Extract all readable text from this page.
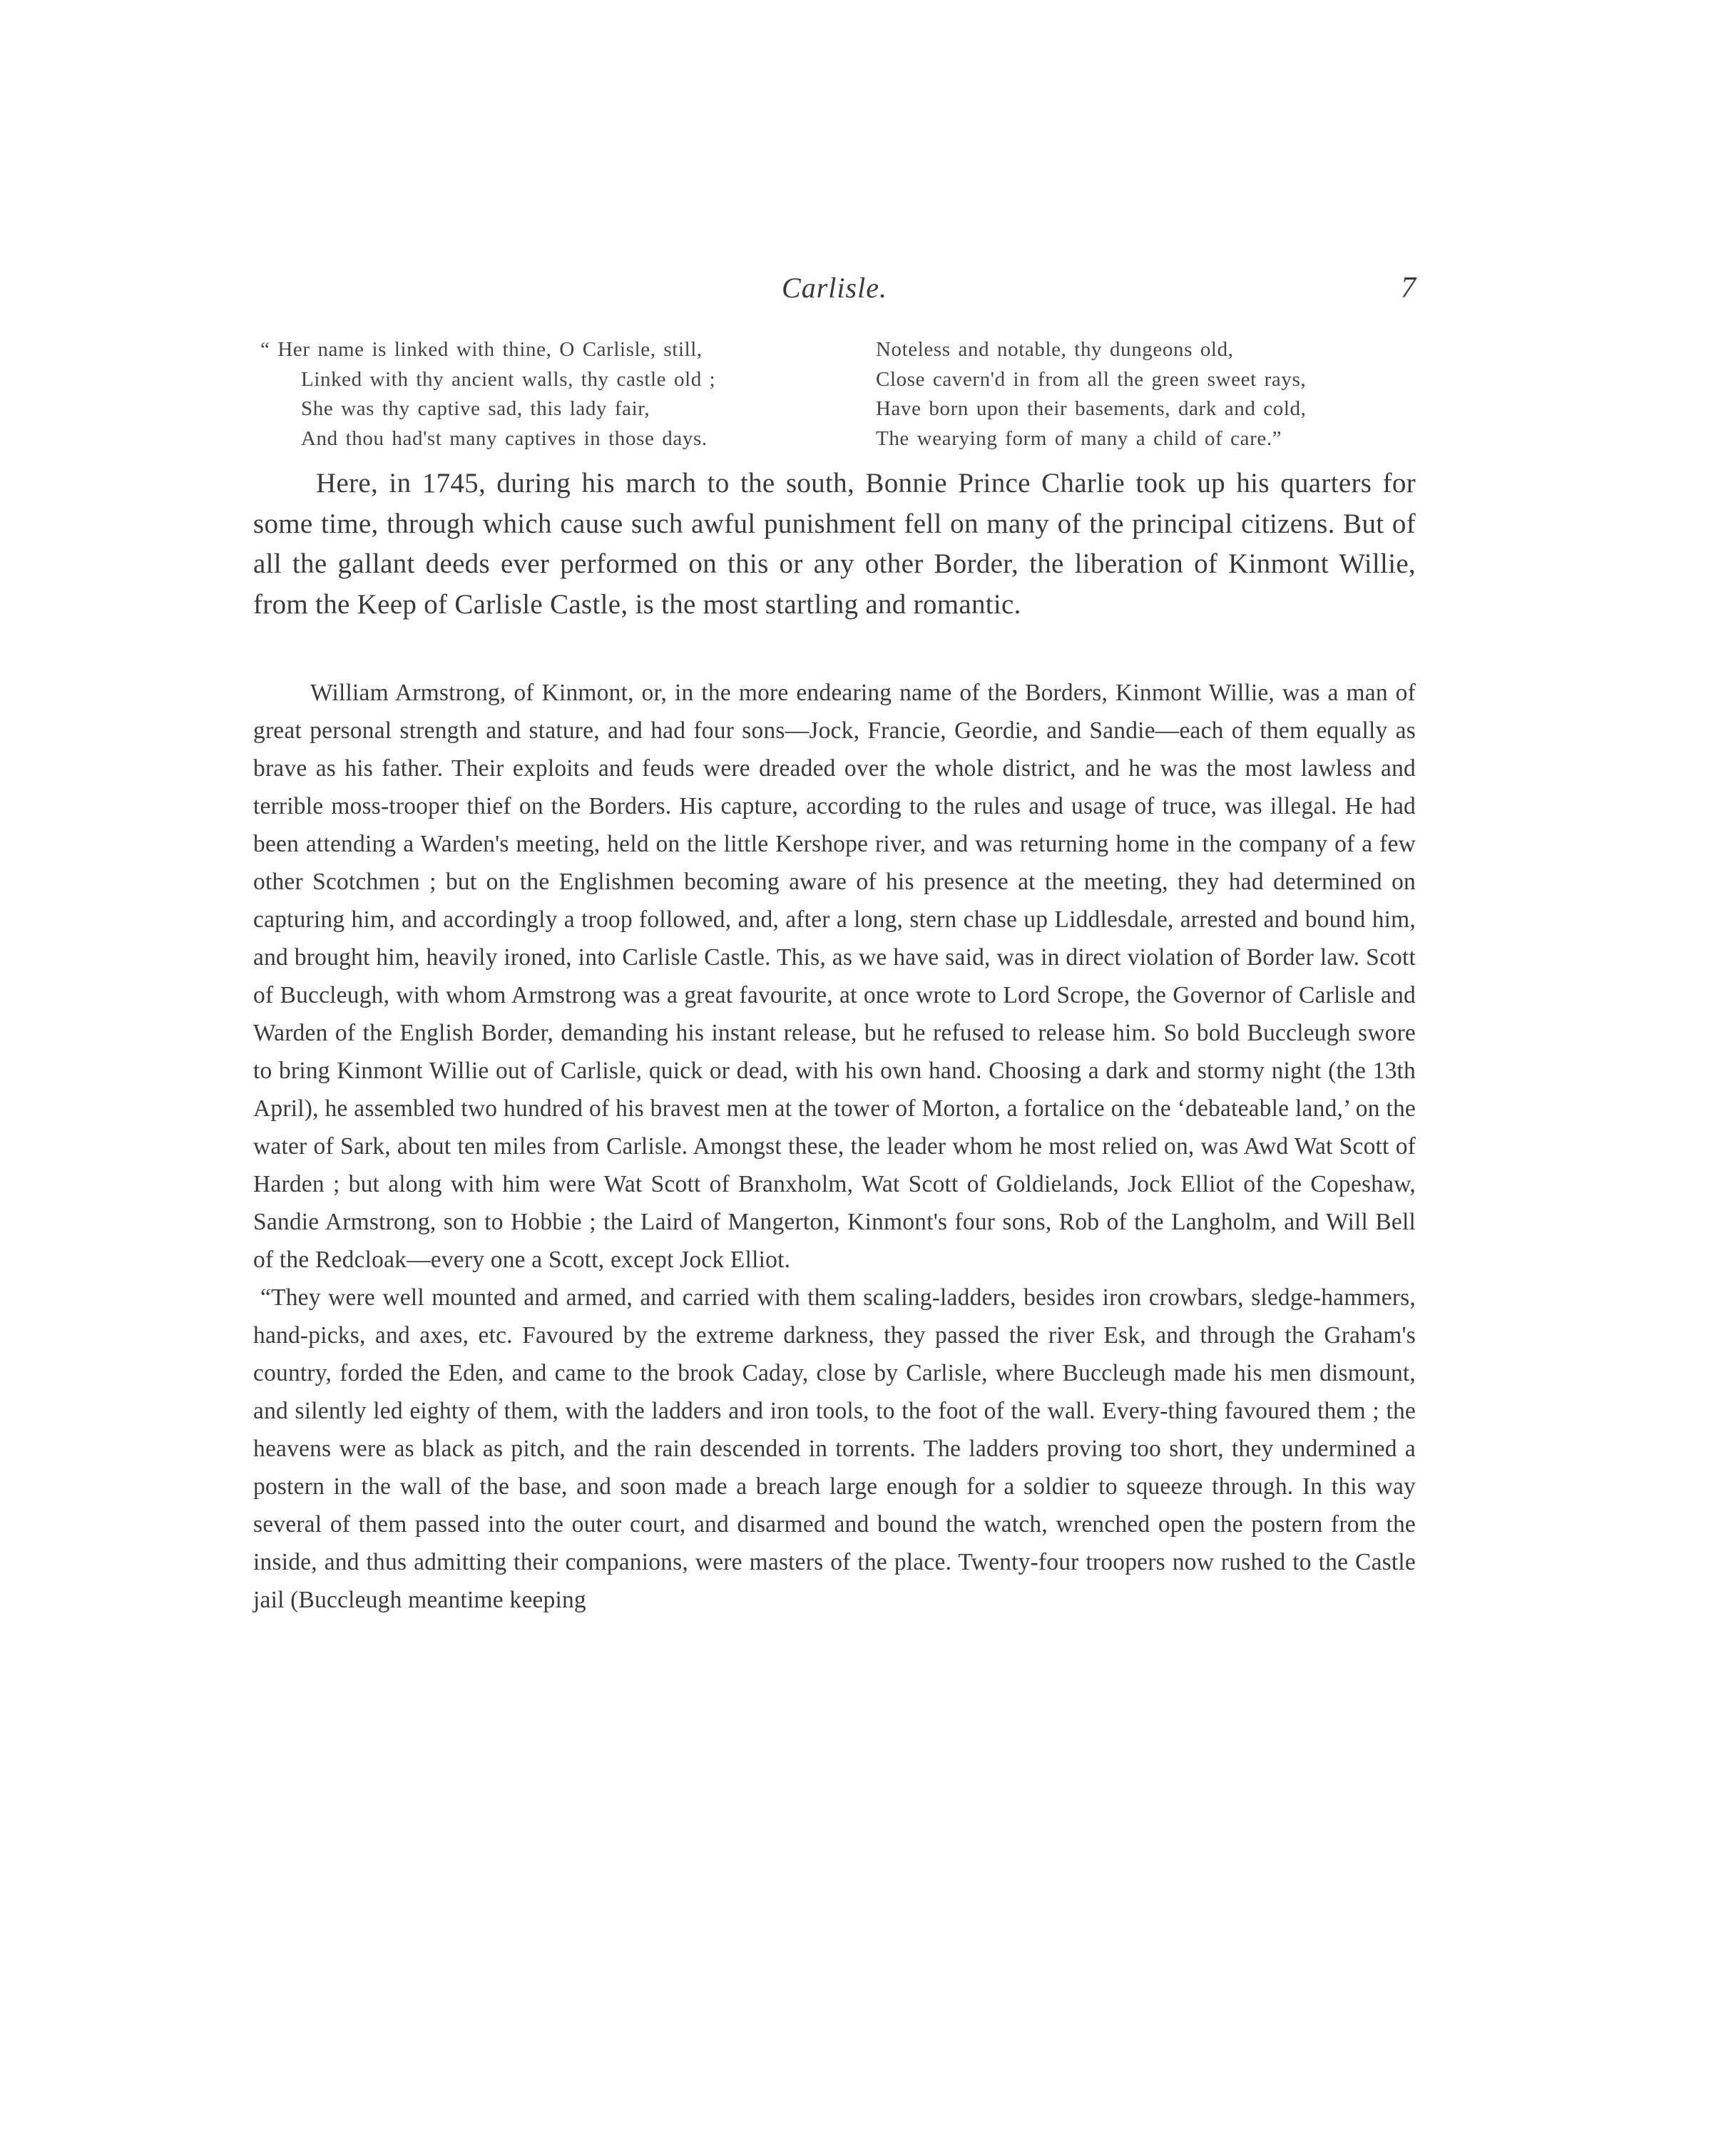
Carlisle.	7
“ Her name is linked with thine, O Carlisle, still,
Linked with thy ancient walls, thy castle old ;
She was thy captive sad, this lady fair,
And thou had'st many captives in those days.
Noteless and notable, thy dungeons old,
Close cavern'd in from all the green sweet rays,
Have born upon their basements, dark and cold,
The wearying form of many a child of care.”

Here, in 1745, during his march to the south, Bonnie Prince Charlie took up his quarters for some time, through which cause such awful punishment fell on many of the principal citizens. But of all the gallant deeds ever performed on this or any other Border, the liberation of Kinmont Willie, from the Keep of Carlisle Castle, is the most startling and romantic.

William Armstrong, of Kinmont, or, in the more endearing name of the Borders, Kinmont Willie, was a man of great personal strength and stature, and had four sons—Jock, Francie, Geordie, and Sandie—each of them equally as brave as his father. Their exploits and feuds were dreaded over the whole district, and he was the most lawless and terrible moss-trooper thief on the Borders. His capture, according to the rules and usage of truce, was illegal. He had been attending a Warden's meeting, held on the little Kershope river, and was returning home in the company of a few other Scotchmen ; but on the Englishmen becoming aware of his presence at the meeting, they had determined on capturing him, and accordingly a troop followed, and, after a long, stern chase up Liddlesdale, arrested and bound him, and brought him, heavily ironed, into Carlisle Castle. This, as we have said, was in direct violation of Border law. Scott of Buccleugh, with whom Armstrong was a great favourite, at once wrote to Lord Scrope, the Governor of Carlisle and Warden of the English Border, demanding his instant release, but he refused to release him. So bold Buccleugh swore to bring Kinmont Willie out of Carlisle, quick or dead, with his own hand. Choosing a dark and stormy night (the 13th April), he assembled two hundred of his bravest men at the tower of Morton, a fortalice on the ‘debateable land,’ on the water of Sark, about ten miles from Carlisle. Amongst these, the leader whom he most relied on, was Awd Wat Scott of Harden ; but along with him were Wat Scott of Branxholm, Wat Scott of Goldielands, Jock Elliot of the Copeshaw, Sandie Armstrong, son to Hobbie ; the Laird of Mangerton, Kinmont's four sons, Rob of the Langholm, and Will Bell of the Redcloak—every one a Scott, except Jock Elliot.

“They were well mounted and armed, and carried with them scaling-ladders, besides iron crowbars, sledge-hammers, hand-picks, and axes, etc. Favoured by the extreme darkness, they passed the river Esk, and through the Graham's country, forded the Eden, and came to the brook Caday, close by Carlisle, where Buccleugh made his men dismount, and silently led eighty of them, with the ladders and iron tools, to the foot of the wall. Every-thing favoured them ; the heavens were as black as pitch, and the rain descended in torrents. The ladders proving too short, they undermined a postern in the wall of the base, and soon made a breach large enough for a soldier to squeeze through. In this way several of them passed into the outer court, and disarmed and bound the watch, wrenched open the postern from the inside, and thus admitting their companions, were masters of the place. Twenty-four troopers now rushed to the Castle jail (Buccleugh meantime keeping
